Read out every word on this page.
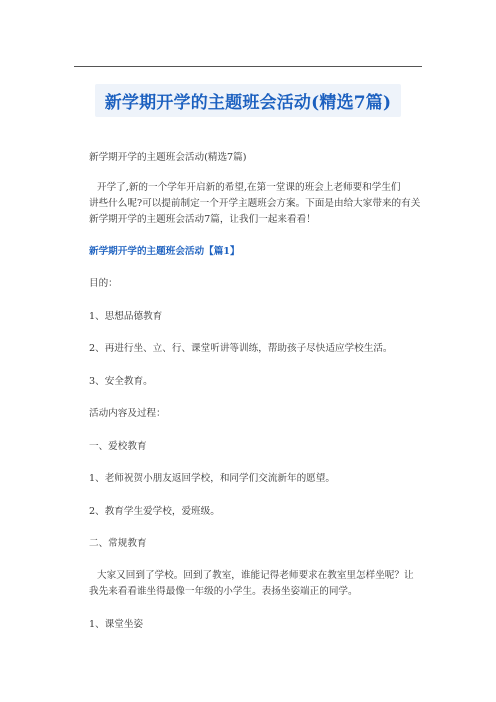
新学期开学的主题班会活动(精选7篇)
新学期开学的主题班会活动(精选7篇)
开学了,新的一个学年开启新的希望,在第一堂课的班会上老师要和学生们
讲些什么呢?可以提前制定一个开学主题班会方案。下面是由给大家带来的有关
新学期开学的主题班会活动7篇，让我们一起来看看！
新学期开学的主题班会活动【篇1】
目的：
1、思想品德教育
2、再进行坐、立、行、课堂听讲等训练，帮助孩子尽快适应学校生活。
3、安全教育。
活动内容及过程：
一、爱校教育
1、老师祝贺小朋友返回学校，和同学们交流新年的愿望。
2、教育学生爱学校，爱班级。
二、常规教育
大家又回到了学校。回到了教室，谁能记得老师要求在教室里怎样坐呢？让
我先来看看谁坐得最像一年级的小学生。表扬坐姿端正的同学。
1、课堂坐姿
